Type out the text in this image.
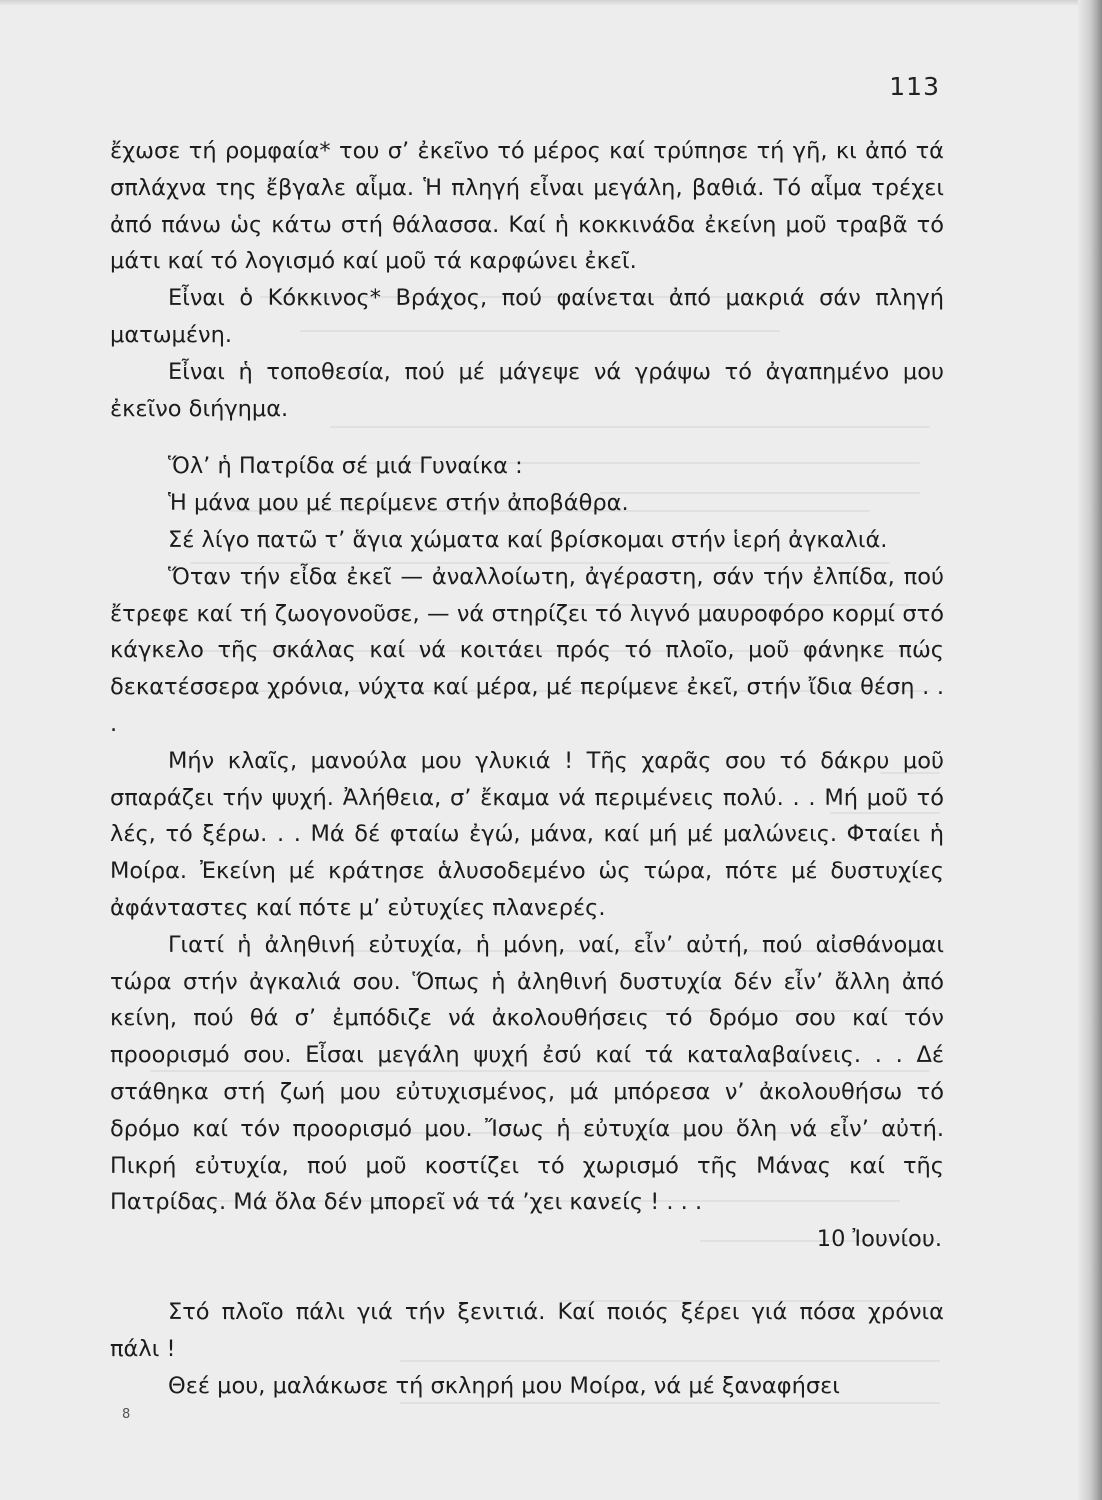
113

ἔχωσε τή ρομφαία* του σ’ ἐκεῖνο τό μέρος καί τρύπησε τή γῆ, κι ἀπό τά σπλάχνα της ἔβγαλε αἷμα. Ἡ πληγή εἶναι μεγάλη, βαθιά. Τό αἷμα τρέχει ἀπό πάνω ὡς κάτω στή θάλασσα. Καί ἡ κοκκινάδα ἐκείνη μοῦ τραβᾶ τό μάτι καί τό λογισμό καί μοῦ τά καρφώνει ἐκεῖ.

Εἶναι ὁ Κόκκινος* Βράχος, πού φαίνεται ἀπό μακριά σάν πληγή ματωμένη.

Εἶναι ἡ τοποθεσία, πού μέ μάγεψε νά γράψω τό ἀγαπημένο μου ἐκεῖνο διήγημα.

Ὅλ’ ἡ Πατρίδα σέ μιά Γυναίκα :

Ἡ μάνα μου μέ περίμενε στήν ἀποβάθρα.

Σέ λίγο πατῶ τ’ ἅγια χώματα καί βρίσκομαι στήν ἱερή ἀγκαλιά.

Ὅταν τήν εἶδα ἐκεῖ — ἀναλλοίωτη, ἀγέραστη, σάν τήν ἐλπίδα, πού ἔτρεφε καί τή ζωογονοῦσε, — νά στηρίζει τό λιγνό μαυροφόρο κορμί στό κάγκελο τῆς σκάλας καί νά κοιτάει πρός τό πλοῖο, μοῦ φάνηκε πώς δεκατέσσερα χρόνια, νύχτα καί μέρα, μέ περίμενε ἐκεῖ, στήν ἴδια θέση . . .

Μήν κλαῖς, μανούλα μου γλυκιά ! Τῆς χαρᾶς σου τό δάκρυ μοῦ σπαράζει τήν ψυχή. Ἀλήθεια, σ’ ἔκαμα νά περιμένεις πολύ. . . Μή μοῦ τό λές, τό ξέρω. . . Μά δέ φταίω ἐγώ, μάνα, καί μή μέ μαλώνεις. Φταίει ἡ Μοίρα. Ἐκείνη μέ κράτησε ἁλυσοδεμένο ὡς τώρα, πότε μέ δυστυχίες ἀφάνταστες καί πότε μ’ εὐτυχίες πλανερές.

Γιατί ἡ ἀληθινή εὐτυχία, ἡ μόνη, ναί, εἶν’ αὐτή, πού αἰσθάνομαι τώρα στήν ἀγκαλιά σου. Ὅπως ἡ ἀληθινή δυστυχία δέν εἶν’ ἄλλη ἀπό κείνη, πού θά σ’ ἐμπόδιζε νά ἀκολουθήσεις τό δρόμο σου καί τόν προορισμό σου. Εἶσαι μεγάλη ψυχή ἐσύ καί τά καταλαβαίνεις. . . Δέ στάθηκα στή ζωή μου εὐτυχισμένος, μά μπόρεσα ν’ ἀκολουθήσω τό δρόμο καί τόν προορισμό μου. Ἴσως ἡ εὐτυχία μου ὅλη νά εἶν’ αὐτή. Πικρή εὐτυχία, πού μοῦ κοστίζει τό χωρισμό τῆς Μάνας καί τῆς Πατρίδας. Μά ὅλα δέν μπορεῖ νά τά ’χει κανείς ! . . .

10 Ἰουνίου.

Στό πλοῖο πάλι γιά τήν ξενιτιά. Καί ποιός ξέρει γιά πόσα χρόνια πάλι !

Θεέ μου, μαλάκωσε τή σκληρή μου Μοίρα, νά μέ ξαναφήσει

8
